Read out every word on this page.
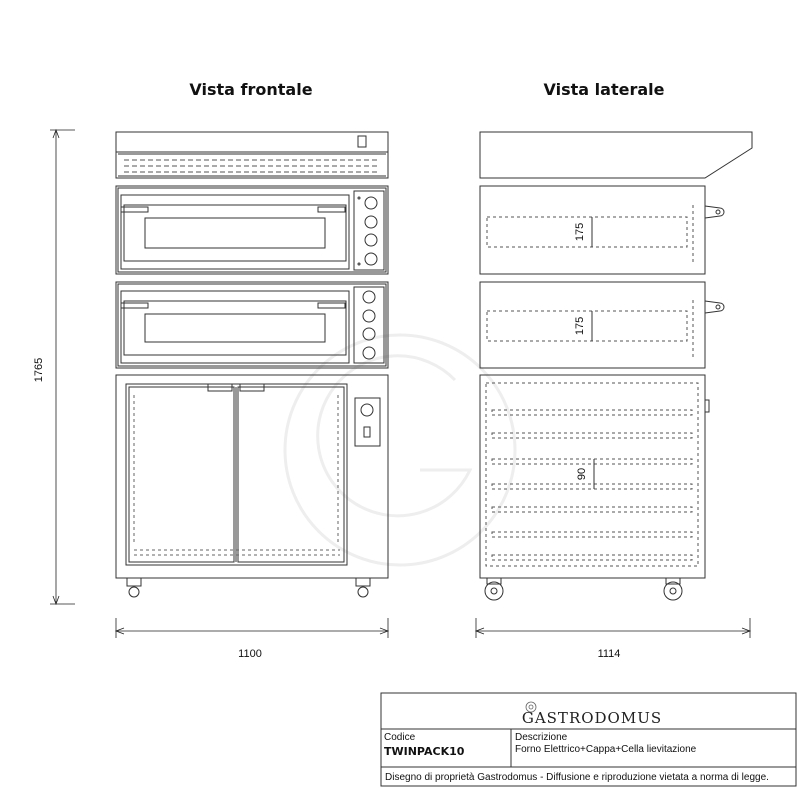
Vista frontale	Vista laterale
1765
1100
175
175
90
1114
GASTRODOMUS
Codice
TWINPACK10
Descrizione
Forno Elettrico+Cappa+Cella lievitazione
Disegno di proprietà Gastrodomus - Diffusione e riproduzione vietata a norma di legge.
